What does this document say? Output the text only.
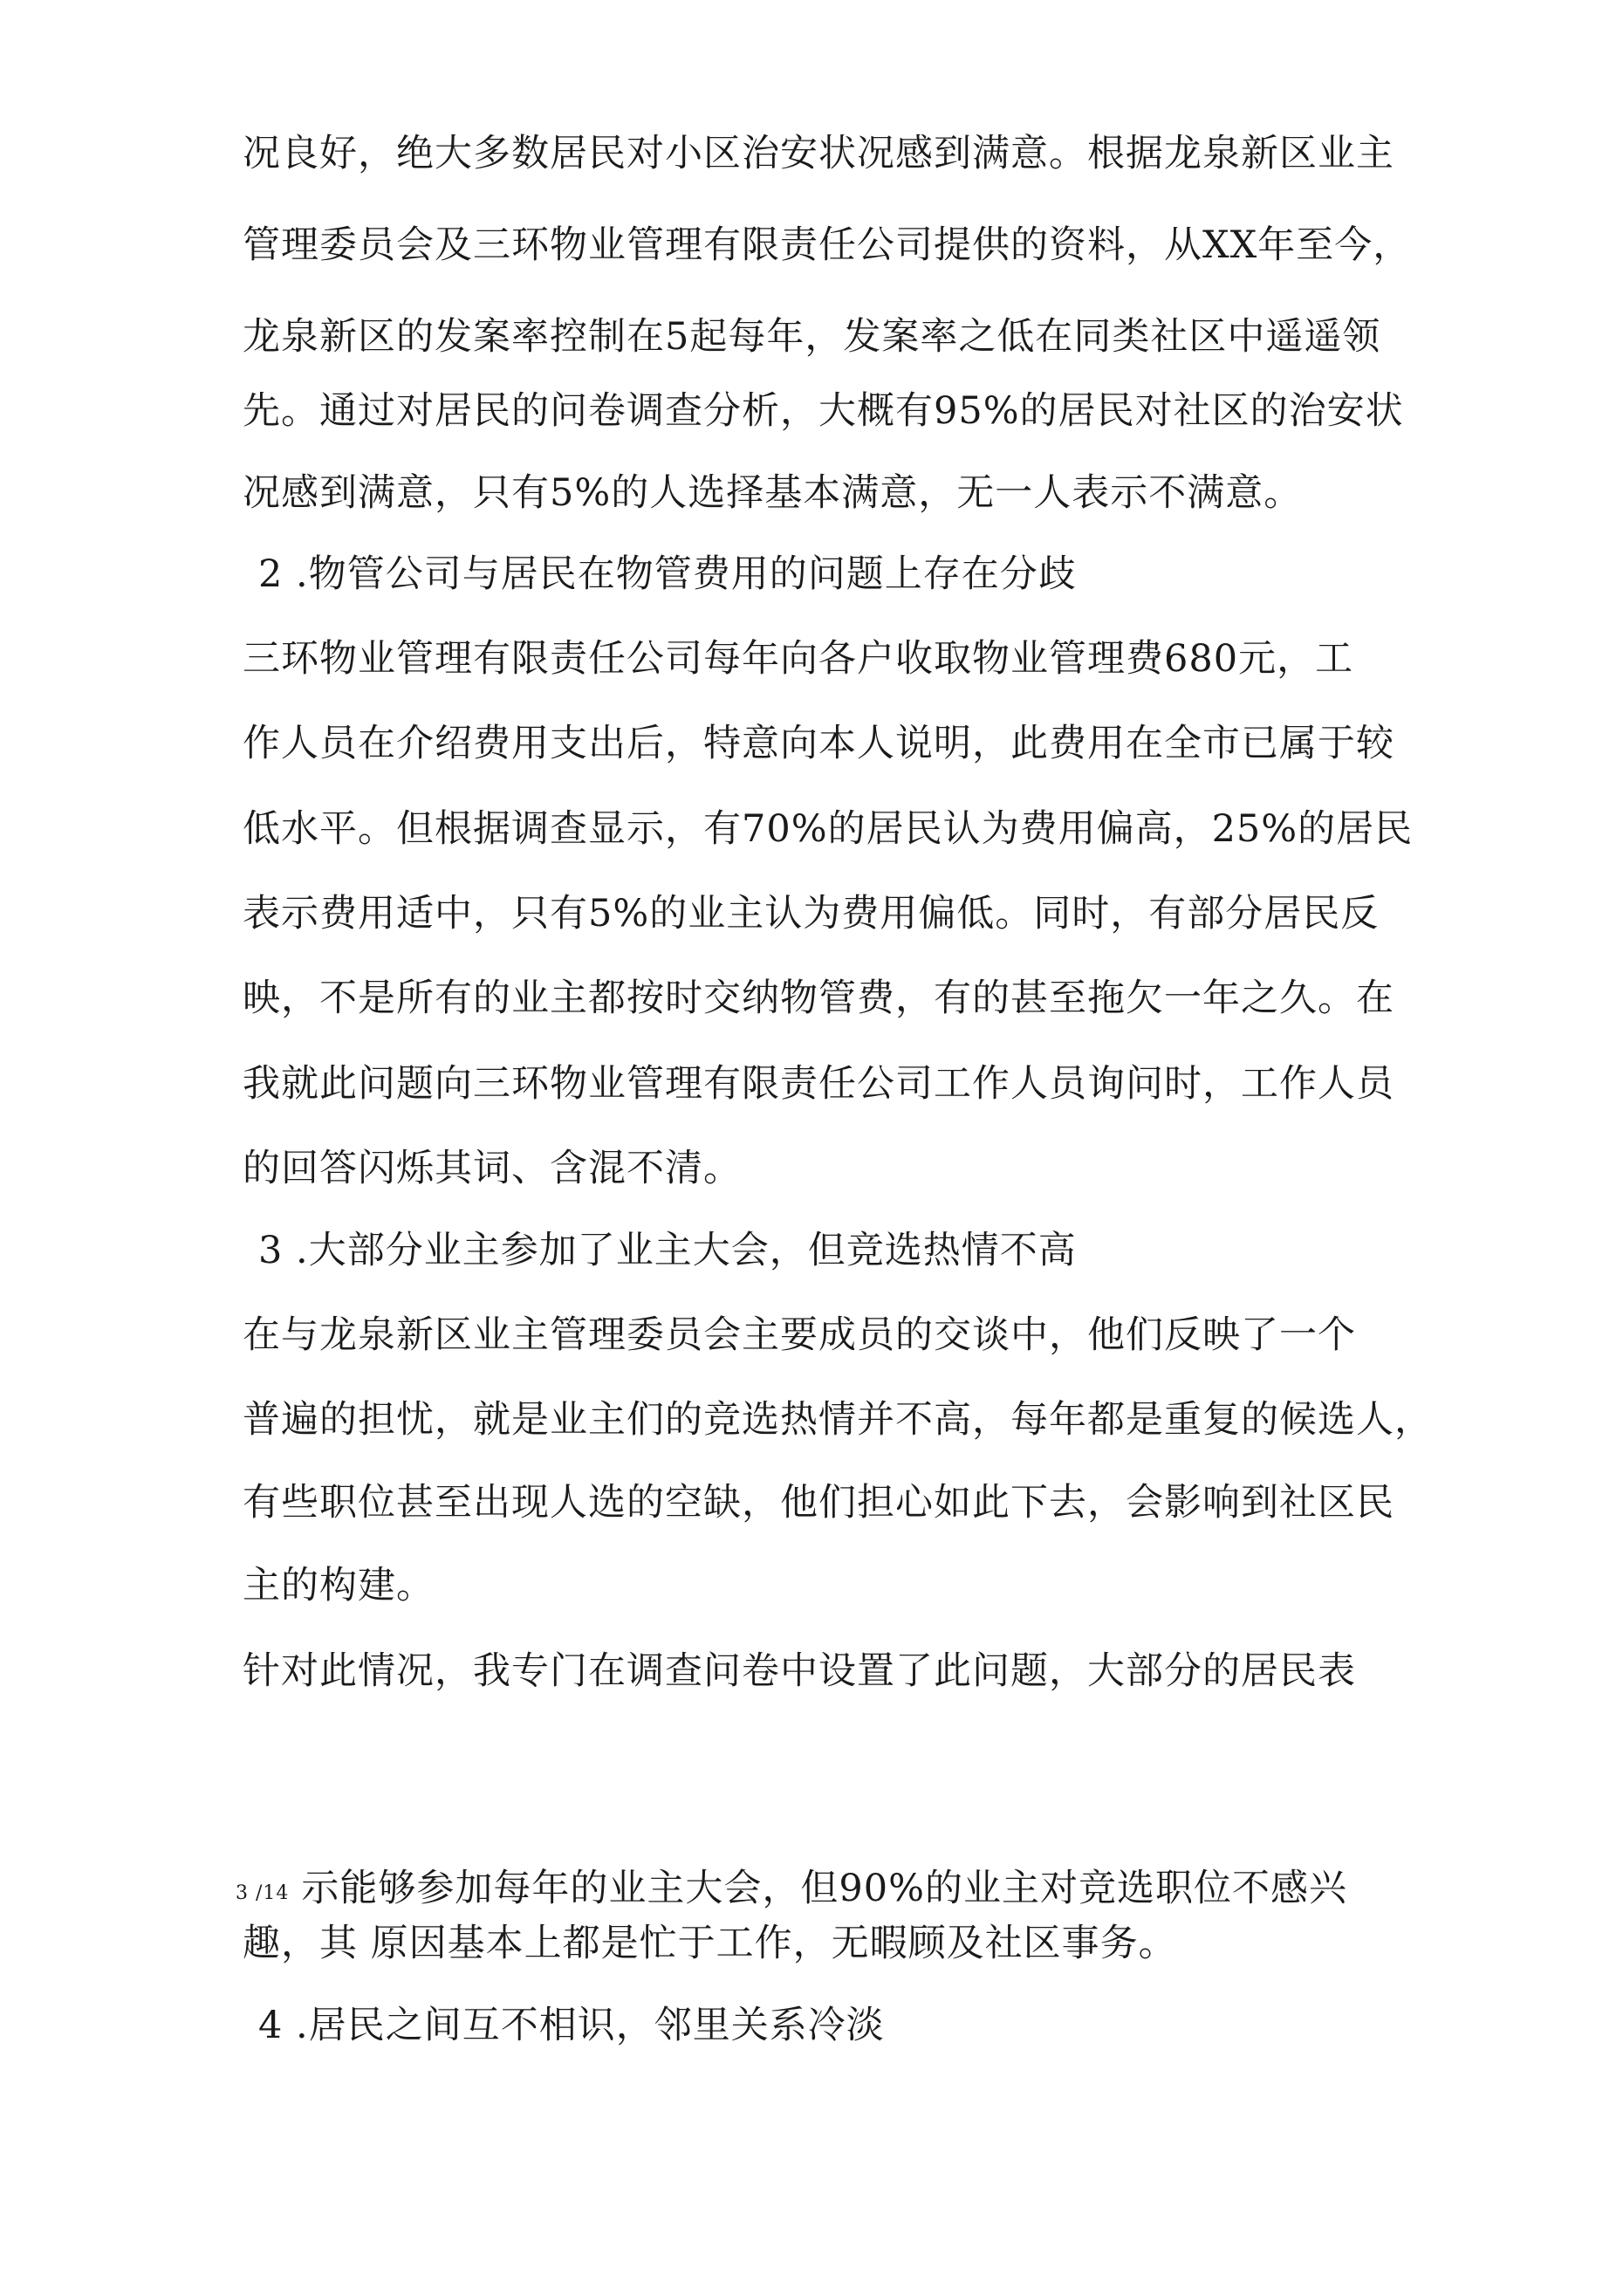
况良好，绝大多数居民对小区治安状况感到满意。根据龙泉新区业主
管理委员会及三环物业管理有限责任公司提供的资料，从XX年至今，
龙泉新区的发案率控制在5起每年，发案率之低在同类社区中遥遥领
先。通过对居民的问卷调查分析，大概有95%的居民对社区的治安状
况感到满意，只有5%的人选择基本满意，无一人表示不满意。
2 .物管公司与居民在物管费用的问题上存在分歧
三环物业管理有限责任公司每年向各户收取物业管理费680元，工
作人员在介绍费用支出后，特意向本人说明，此费用在全市已属于较
低水平。但根据调查显示，有70%的居民认为费用偏高，25%的居民
表示费用适中，只有5%的业主认为费用偏低。同时，有部分居民反
映，不是所有的业主都按时交纳物管费，有的甚至拖欠一年之久。在
我就此问题向三环物业管理有限责任公司工作人员询问时，工作人员
的回答闪烁其词、含混不清。
3 .大部分业主参加了业主大会，但竞选热情不高
在与龙泉新区业主管理委员会主要成员的交谈中，他们反映了一个
普遍的担忧，就是业主们的竞选热情并不高，每年都是重复的候选人，
有些职位甚至出现人选的空缺，他们担心如此下去，会影响到社区民
主的构建。
针对此情况，我专门在调查问卷中设置了此问题，大部分的居民表
3 /14 示能够参加每年的业主大会，但90%的业主对竞选职位不感兴
趣，其 原因基本上都是忙于工作，无暇顾及社区事务。
4 .居民之间互不相识，邻里关系冷淡
